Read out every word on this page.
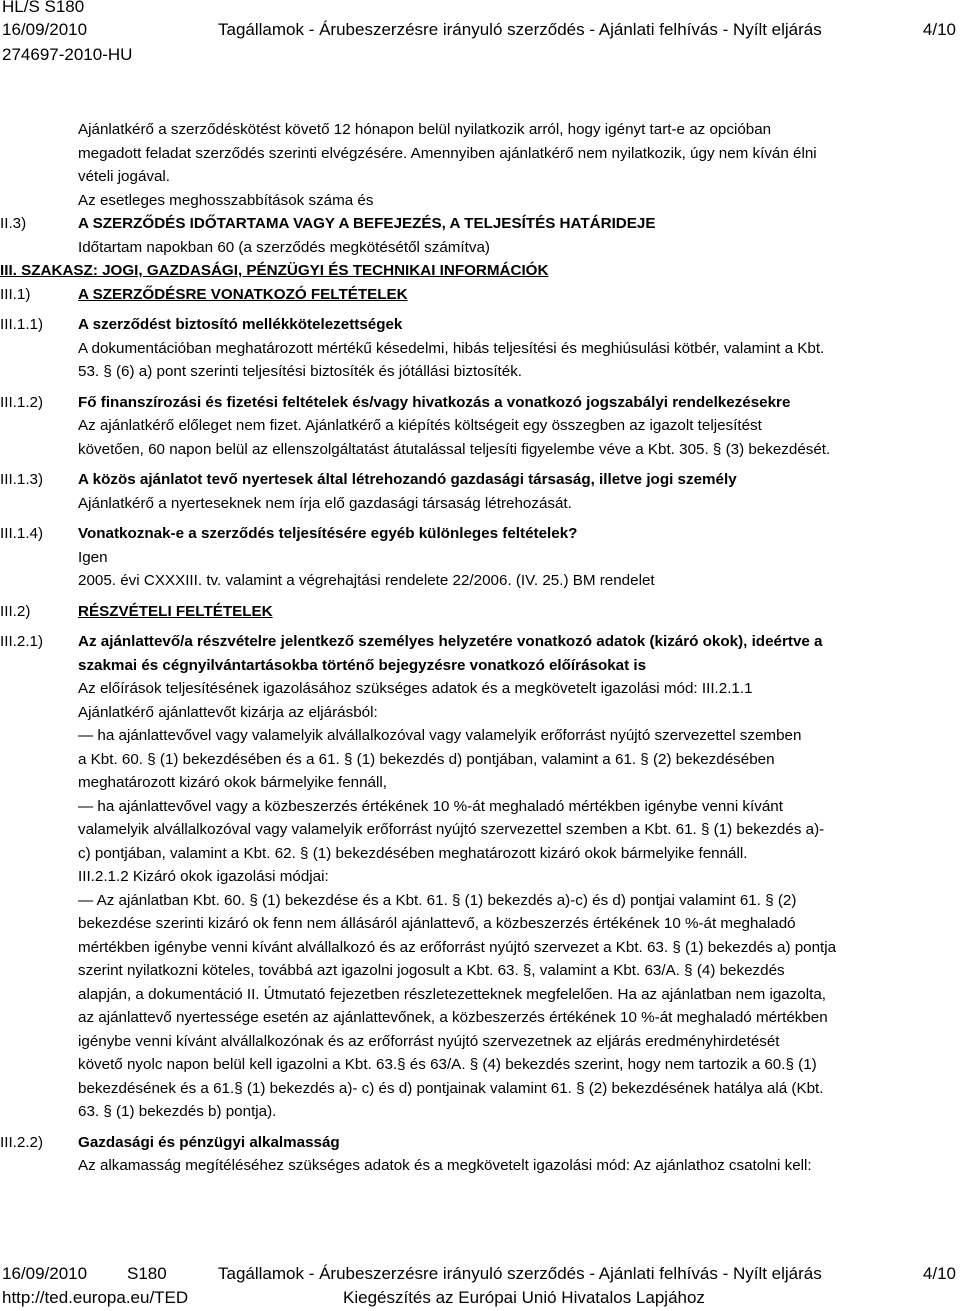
HL/S S180
16/09/2010	Tagállamok - Árubeszerzésre irányuló szerződés - Ajánlati felhívás - Nyílt eljárás	4/10
274697-2010-HU
Ajánlatkérő a szerződéskötést követő 12 hónapon belül nyilatkozik arról, hogy igényt tart-e az opcióban
megadott feladat szerződés szerinti elvégzésére. Amennyiben ajánlatkérő nem nyilatkozik, úgy nem kíván élni
vételi jogával.
Az esetleges meghosszabbítások száma és
II.3)	A SZERZŐDÉS IDŐTARTAMA VAGY A BEFEJEZÉS, A TELJESÍTÉS HATÁRIDEJE
Időtartam napokban 60 (a szerződés megkötésétől számítva)
III. SZAKASZ: JOGI, GAZDASÁGI, PÉNZÜGYI ÉS TECHNIKAI INFORMÁCIÓK
III.1)	A SZERZŐDÉSRE VONATKOZÓ FELTÉTELEK
III.1.1)	A szerződést biztosító mellékkötelezettségek
A dokumentációban meghatározott mértékű késedelmi, hibás teljesítési és meghiúsulási kötbér, valamint a Kbt.
53. § (6) a) pont szerinti teljesítési biztosíték és jótállási biztosíték.
III.1.2)	Fő finanszírozási és fizetési feltételek és/vagy hivatkozás a vonatkozó jogszabályi rendelkezésekre
Az ajánlatkérő előleget nem fizet. Ajánlatkérő a kiépítés költségeit egy összegben az igazolt teljesítést
követően, 60 napon belül az ellenszolgáltatást átutalással teljesíti figyelembe véve a Kbt. 305. § (3) bekezdését.
III.1.3)	A közös ajánlatot tevő nyertesek által létrehozandó gazdasági társaság, illetve jogi személy
Ajánlatkérő a nyerteseknek nem írja elő gazdasági társaság létrehozását.
III.1.4)	Vonatkoznak-e a szerződés teljesítésére egyéb különleges feltételek?
Igen
2005. évi CXXXIII. tv. valamint a végrehajtási rendelete 22/2006. (IV. 25.) BM rendelet
III.2)	RÉSZVÉTELI FELTÉTELEK
III.2.1)	Az ajánlattevő/a részvételre jelentkező személyes helyzetére vonatkozó adatok (kizáró okok), ideértve a
szakmai és cégnyilvántartásokba történő bejegyzésre vonatkozó előírásokat is
Az előírások teljesítésének igazolásához szükséges adatok és a megkövetelt igazolási mód: III.2.1.1
Ajánlatkérő ajánlattevőt kizárja az eljárásból:
— ha ajánlattevővel vagy valamelyik alvállalkozóval vagy valamelyik erőforrást nyújtó szervezettel szemben
a Kbt. 60. § (1) bekezdésében és a 61. § (1) bekezdés d) pontjában, valamint a 61. § (2) bekezdésében
meghatározott kizáró okok bármelyike fennáll,
— ha ajánlattevővel vagy a közbeszerzés értékének 10 %-át meghaladó mértékben igénybe venni kívánt
valamelyik alvállalkozóval vagy valamelyik erőforrást nyújtó szervezettel szemben a Kbt. 61. § (1) bekezdés a)-
c) pontjában, valamint a Kbt. 62. § (1) bekezdésében meghatározott kizáró okok bármelyike fennáll.
III.2.1.2 Kizáró okok igazolási módjai:
— Az ajánlatban Kbt. 60. § (1) bekezdése és a Kbt. 61. § (1) bekezdés a)-c) és d) pontjai valamint 61. § (2)
bekezdése szerinti kizáró ok fenn nem állásáról ajánlattevő, a közbeszerzés értékének 10 %-át meghaladó
mértékben igénybe venni kívánt alvállalkozó és az erőforrást nyújtó szervezet a Kbt. 63. § (1) bekezdés a) pontja
szerint nyilatkozni köteles, továbbá azt igazolni jogosult a Kbt. 63. §, valamint a Kbt. 63/A. § (4) bekezdés
alapján, a dokumentáció II. Útmutató fejezetben részletezetteknek megfelelően. Ha az ajánlatban nem igazolta,
az ajánlattevő nyertessége esetén az ajánlattevőnek, a közbeszerzés értékének 10 %-át meghaladó mértékben
igénybe venni kívánt alvállalkozónak és az erőforrást nyújtó szervezetnek az eljárás eredményhirdetését
követő nyolc napon belül kell igazolni a Kbt. 63.§ és 63/A. § (4) bekezdés szerint, hogy nem tartozik a 60.§ (1)
bekezdésének és a 61.§ (1) bekezdés a)- c) és d) pontjainak valamint 61. § (2) bekezdésének hatálya alá (Kbt.
63. § (1) bekezdés b) pontja).
III.2.2)	Gazdasági és pénzügyi alkalmasság
Az alkamasság megítéléséhez szükséges adatok és a megkövetelt igazolási mód: Az ajánlathoz csatolni kell:
16/09/2010 S180	Tagállamok - Árubeszerzésre irányuló szerződés - Ajánlati felhívás - Nyílt eljárás	4/10
http://ted.europa.eu/TED	Kiegészítés az Európai Unió Hivatalos Lapjához
